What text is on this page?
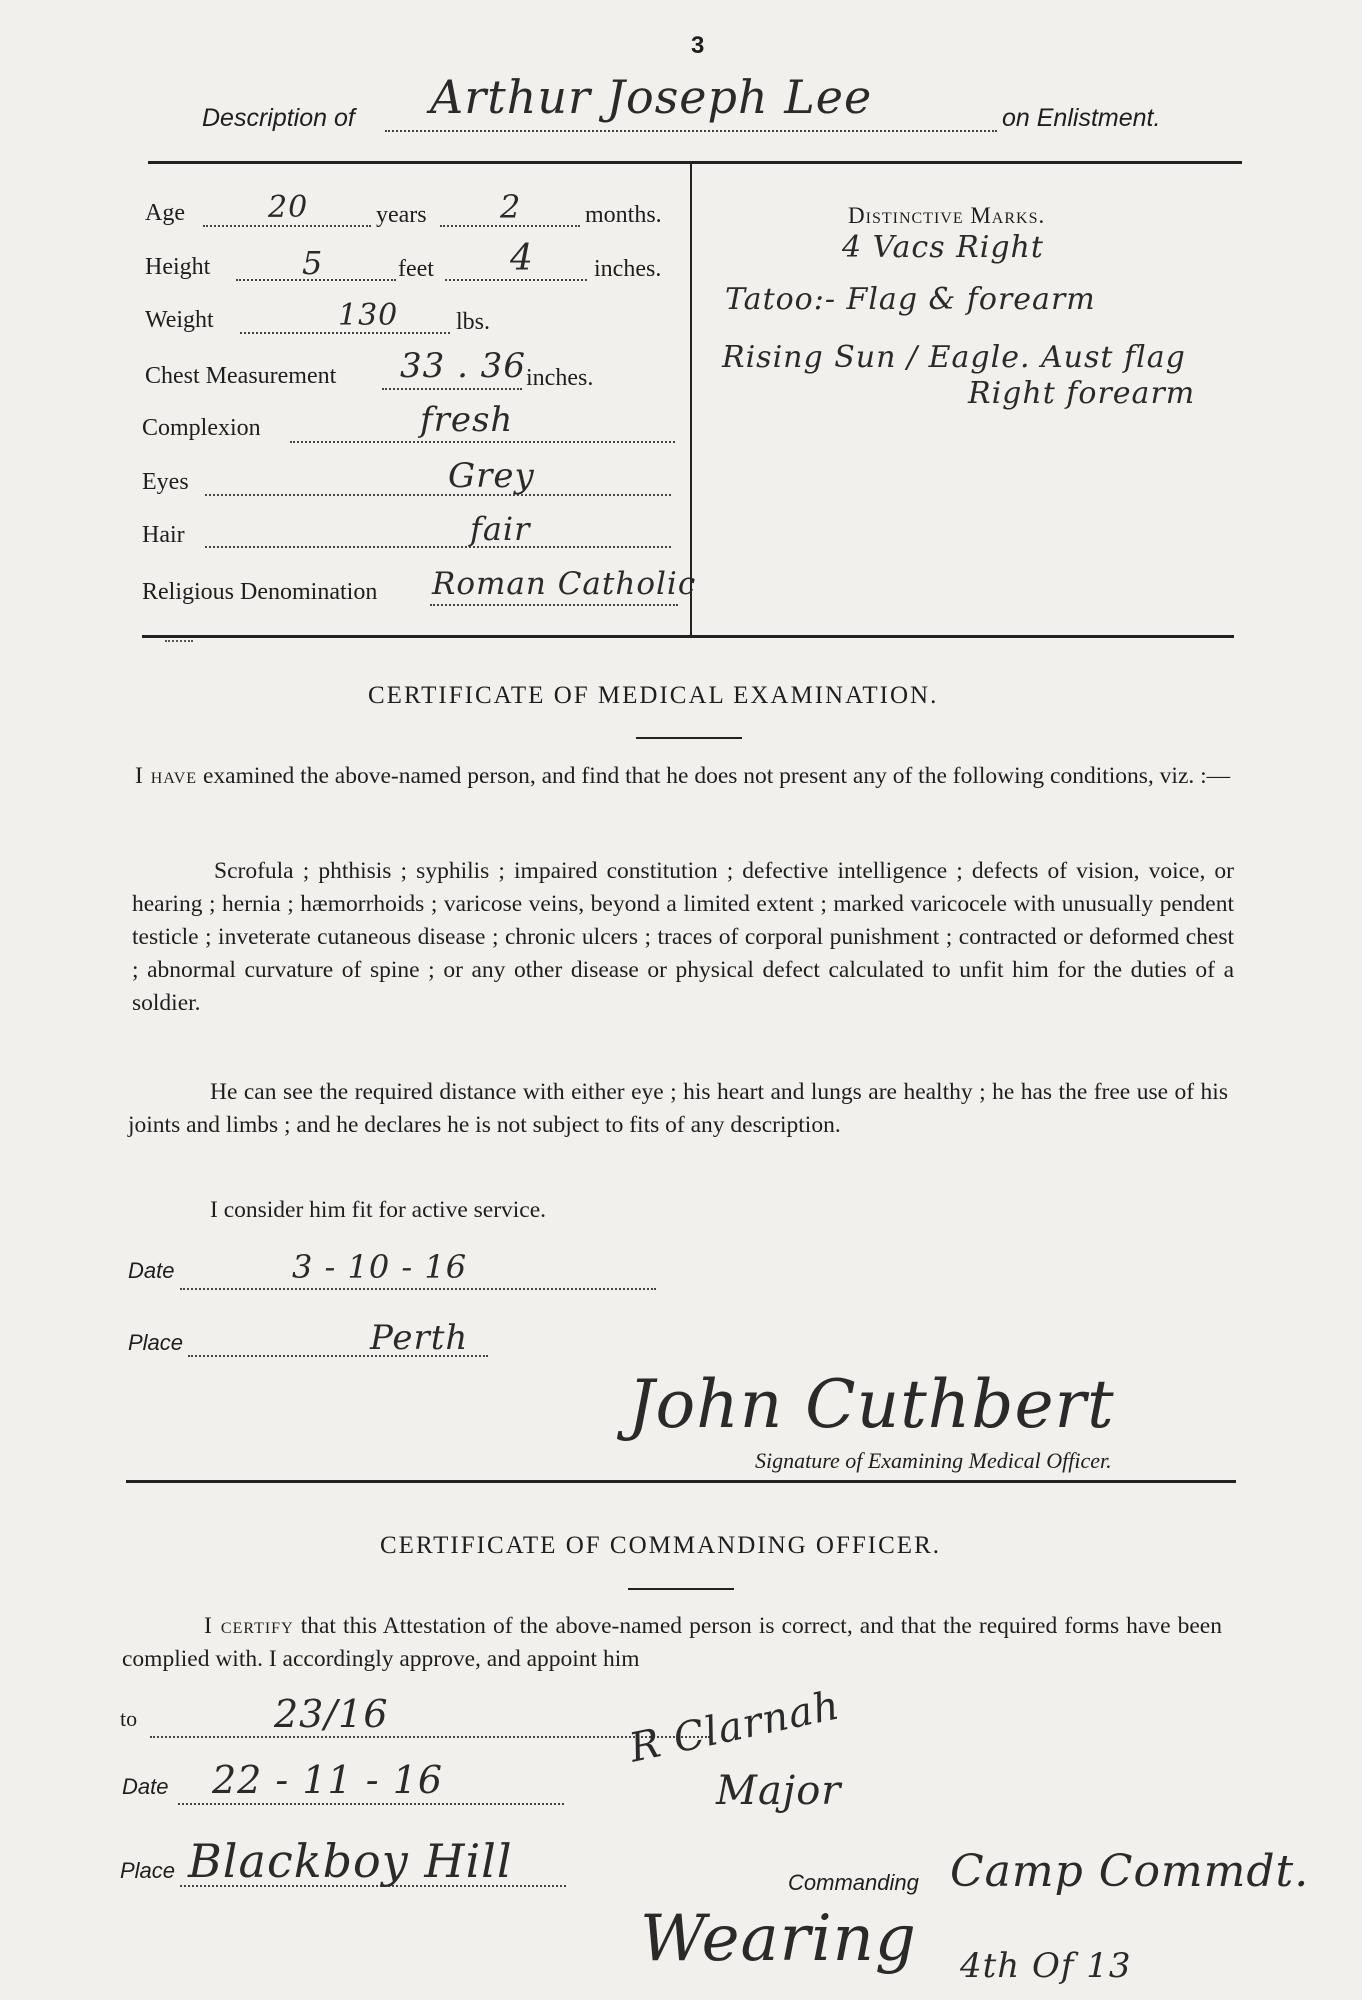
3
Description of Arthur Joseph Lee	on Enlistment.
Age	20	years 2	months.
Height	5	feet 4	inches.
Weight	130 lbs.
Chest Measurement 33 . 36 inches.
Complexion	fresh
Eyes	Grey
Hair	fair
Religious Denomination Roman Catholic
Distinctive Marks.
4 Vacs Right
Tatoo:- Flag & forearm
Rising Sun / Eagle. Aust flag
Right forearm
CERTIFICATE OF MEDICAL EXAMINATION.
I have examined the above-named person, and find that he does not present any of the following conditions, viz. :—
Scrofula ; phthisis ; syphilis ; impaired constitution ; defective intelligence ; defects of vision, voice, or hearing ; hernia ; hæmorrhoids ; varicose veins, beyond a limited extent ; marked varicocele with unusually pendent testicle ; inveterate cutaneous disease ; chronic ulcers ; traces of corporal punishment ; contracted or deformed chest ; abnormal curvature of spine ; or any other disease or physical defect calculated to unfit him for the duties of a soldier.
He can see the required distance with either eye ; his heart and lungs are healthy ; he has the free use of his joints and limbs ; and he declares he is not subject to fits of any description.
I consider him fit for active service.
Date	3 - 10 - 16
Place	Perth
John Cuthbert
Signature of Examining Medical Officer.
CERTIFICATE OF COMMANDING OFFICER.
I certify that this Attestation of the above-named person is correct, and that the required forms have been complied with. I accordingly approve, and appoint him
to	23/16
Date 22 - 11 - 16
Place Blackboy Hill
R Clarnah
Major
Commanding Camp Commdt.
Wearing 4th Of 13
